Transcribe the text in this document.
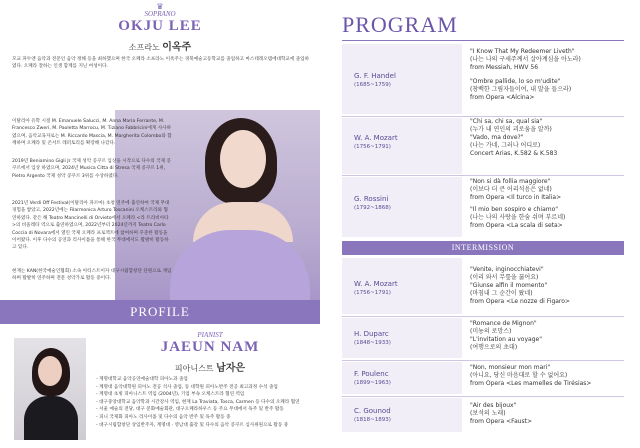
♛
SOPRANO
OKJU LEE
소프라노 이옥주

모교 파두엔 음악과 전문인 음악 정해 등을 최하했으며 한국 오페라 소프라노 이옥주는 경북예술고등학교를 졸업하고 마스테레오템에대학교에 졸업하였다. 오페라 잘하는 인생 합계를 지닌 여성이다.

이탈리아 유학 시절 M. Emanuele Salucci, M. Anna Maria Ferrante, M. Francesco Zweri, M. Paoletta Marrocu, M. Tiziano Fabbricini에게 사사하였으며, 음악교육자로는 M. Riccardo Mascia, M. Margherita Colombo와 함께하며 오페라 및 콘서트 레퍼토리를 확장해 나갔다.

2019년 Beniamino Gigli Jr 국제 성악 콩쿠르 입상을 시작으로 다수의 국제 콩쿠르에서 입상 하였으며, 2024년 Musica Citta di Stresa 국제 콩쿠르 1위, Pietro Argento 국제 성악 콩쿠르 3위를 수상하였다.

2021년 Verdi Off Festival(이탈리아 파르마) 초청 연주에 출연하여 국제 무대 경험을 쌓았고, 2022년에는 Filarmonica Arturo Toscanini 오케스트라와 협연하였다. 같은 해 Teatro Mancinelli di Orvieto에서 오페라 <라 트라비아타>의 비올레타 역으로 출연하였으며, 2022년부터 2024년까지 Teatro Carlo Coccia di Novara에서 열린 국제 오페라 프로젝트에 참여하며 꾸준한 활동을 이어왔다. 이후 다수의 공연과 리사이틀을 통해 한국 무대에서도 활발히 활동하고 있다.

현재는 KAN(한국예술인협회) 소속 아티스트이자 대구시립합창단 단원으로 재임하며 활발히 연주하며 전문 성악가로 활동 중이다.

PROFILE
PIANIST
JAEUN NAM
피아니스트 남자은
- 계명대학교 음악공연예술대학 피아노과 졸업
- 계명대 음악대학원 피아노 전공 석사 졸업, 동 대학원 피아노반주 전공 최고과정 수석 졸업
- 계명대 초빙 피아니스트 역임 (2004년), 기업 부속 오케스트라 협연 역임
- 대구중앙대학교 음악학과 시간강사 역임, 현재 La Traviata, Tosca, Carmen 등 다수의 오페라 협연
- 서울 예술의 전당, 대구 문화예술회관, 대구오페라하우스 등 주요 무대에서 독주 및 반주 활동
- 피니 국제화 피아노 리사이틀 및 다수의 음악 반주 및 독주 활동 중
- 대구시립합창단 상임반주자, 계명대 · 영남대 출강 및 다수의 음악 콩쿠르 심사위원으로 활동 중
PROGRAM
G. F. Handel
(1685~1759)
"I Know That My Redeemer Liveth"
(나는 나의 구세주께서 살아계심을 아노라)
from Messiah, HWV 56
"Ombre pallide, lo so m'udite"
(창백한 그림자들이여, 내 말을 들으라)
from Opera <Alcina>
W. A. Mozart
(1756~1791)
"Chi sa, chi sa, qual sia"
(누가 내 연인의 괴로움을 알까)
"Vado, ma dove?"
(나는 가네, 그러나 어디로)
Concert Arias, K.582 & K.583
G. Rossini
(1792~1868)
"Non si dà follia maggiore"
(이보다 더 큰 어리석음은 없네)
from Opera <Il turco in Italia>
"Il mio ben sospiro e chiamo"
(나는 나의 사랑을 한숨 쉬며 부르네)
from Opera <La scala di seta>
INTERMISSION
W. A. Mozart
(1756~1791)
"Venite, inginocchiatevi"
(이리 와서 무릎을 꿇어요)
"Giunse alfin il momento"
(마침내 그 순간이 왔네)
from Opera <Le nozze di Figaro>
H. Duparc
(1848~1933)
"Romance de Mignon"
(미뇽의 로망스)
"L'invitation au voyage"
(여행으로의 초대)
F. Poulenc
(1899~1963)
"Non, monsieur mon mari"
(아니요, 당신 마음대로 할 수 없어요)
from Opera <Les mamelles de Tirésias>
C. Gounod
(1818~1893)
"Air des bijoux"
(보석의 노래)
from Opera <Faust>
